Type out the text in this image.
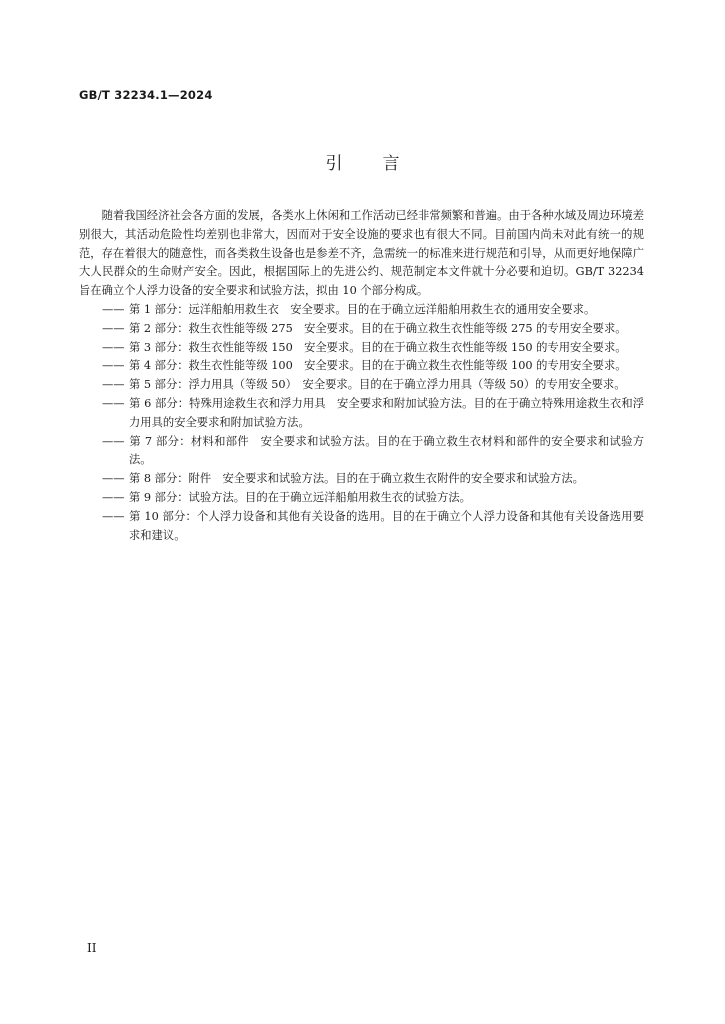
GB/T 32234.1—2024
引言

随着我国经济社会各方面的发展，各类水上休闲和工作活动已经非常频繁和普遍。由于各种水域及周边环境差别很大，其活动危险性均差别也非常大，因而对于安全设施的要求也有很大不同。目前国内尚未对此有统一的规范，存在着很大的随意性，而各类救生设备也是参差不齐，急需统一的标准来进行规范和引导，从而更好地保障广大人民群众的生命财产安全。因此，根据国际上的先进公约、规范制定本文件就十分必要和迫切。GB/T 32234 旨在确立个人浮力设备的安全要求和试验方法，拟由 10 个部分构成。

—— 第 1 部分：远洋船舶用救生衣　安全要求。目的在于确立远洋船舶用救生衣的通用安全要求。
—— 第 2 部分：救生衣性能等级 275　安全要求。目的在于确立救生衣性能等级 275 的专用安全要求。
—— 第 3 部分：救生衣性能等级 150　安全要求。目的在于确立救生衣性能等级 150 的专用安全要求。
—— 第 4 部分：救生衣性能等级 100　安全要求。目的在于确立救生衣性能等级 100 的专用安全要求。
—— 第 5 部分：浮力用具（等级 50）　安全要求。目的在于确立浮力用具（等级 50）的专用安全要求。
—— 第 6 部分：特殊用途救生衣和浮力用具　安全要求和附加试验方法。目的在于确立特殊用途救生衣和浮力用具的安全要求和附加试验方法。
—— 第 7 部分：材料和部件　安全要求和试验方法。目的在于确立救生衣材料和部件的安全要求和试验方法。
—— 第 8 部分：附件　安全要求和试验方法。目的在于确立救生衣附件的安全要求和试验方法。
—— 第 9 部分：试验方法。目的在于确立远洋船舶用救生衣的试验方法。
—— 第 10 部分：个人浮力设备和其他有关设备的选用。目的在于确立个人浮力设备和其他有关设备选用要求和建议。
II
